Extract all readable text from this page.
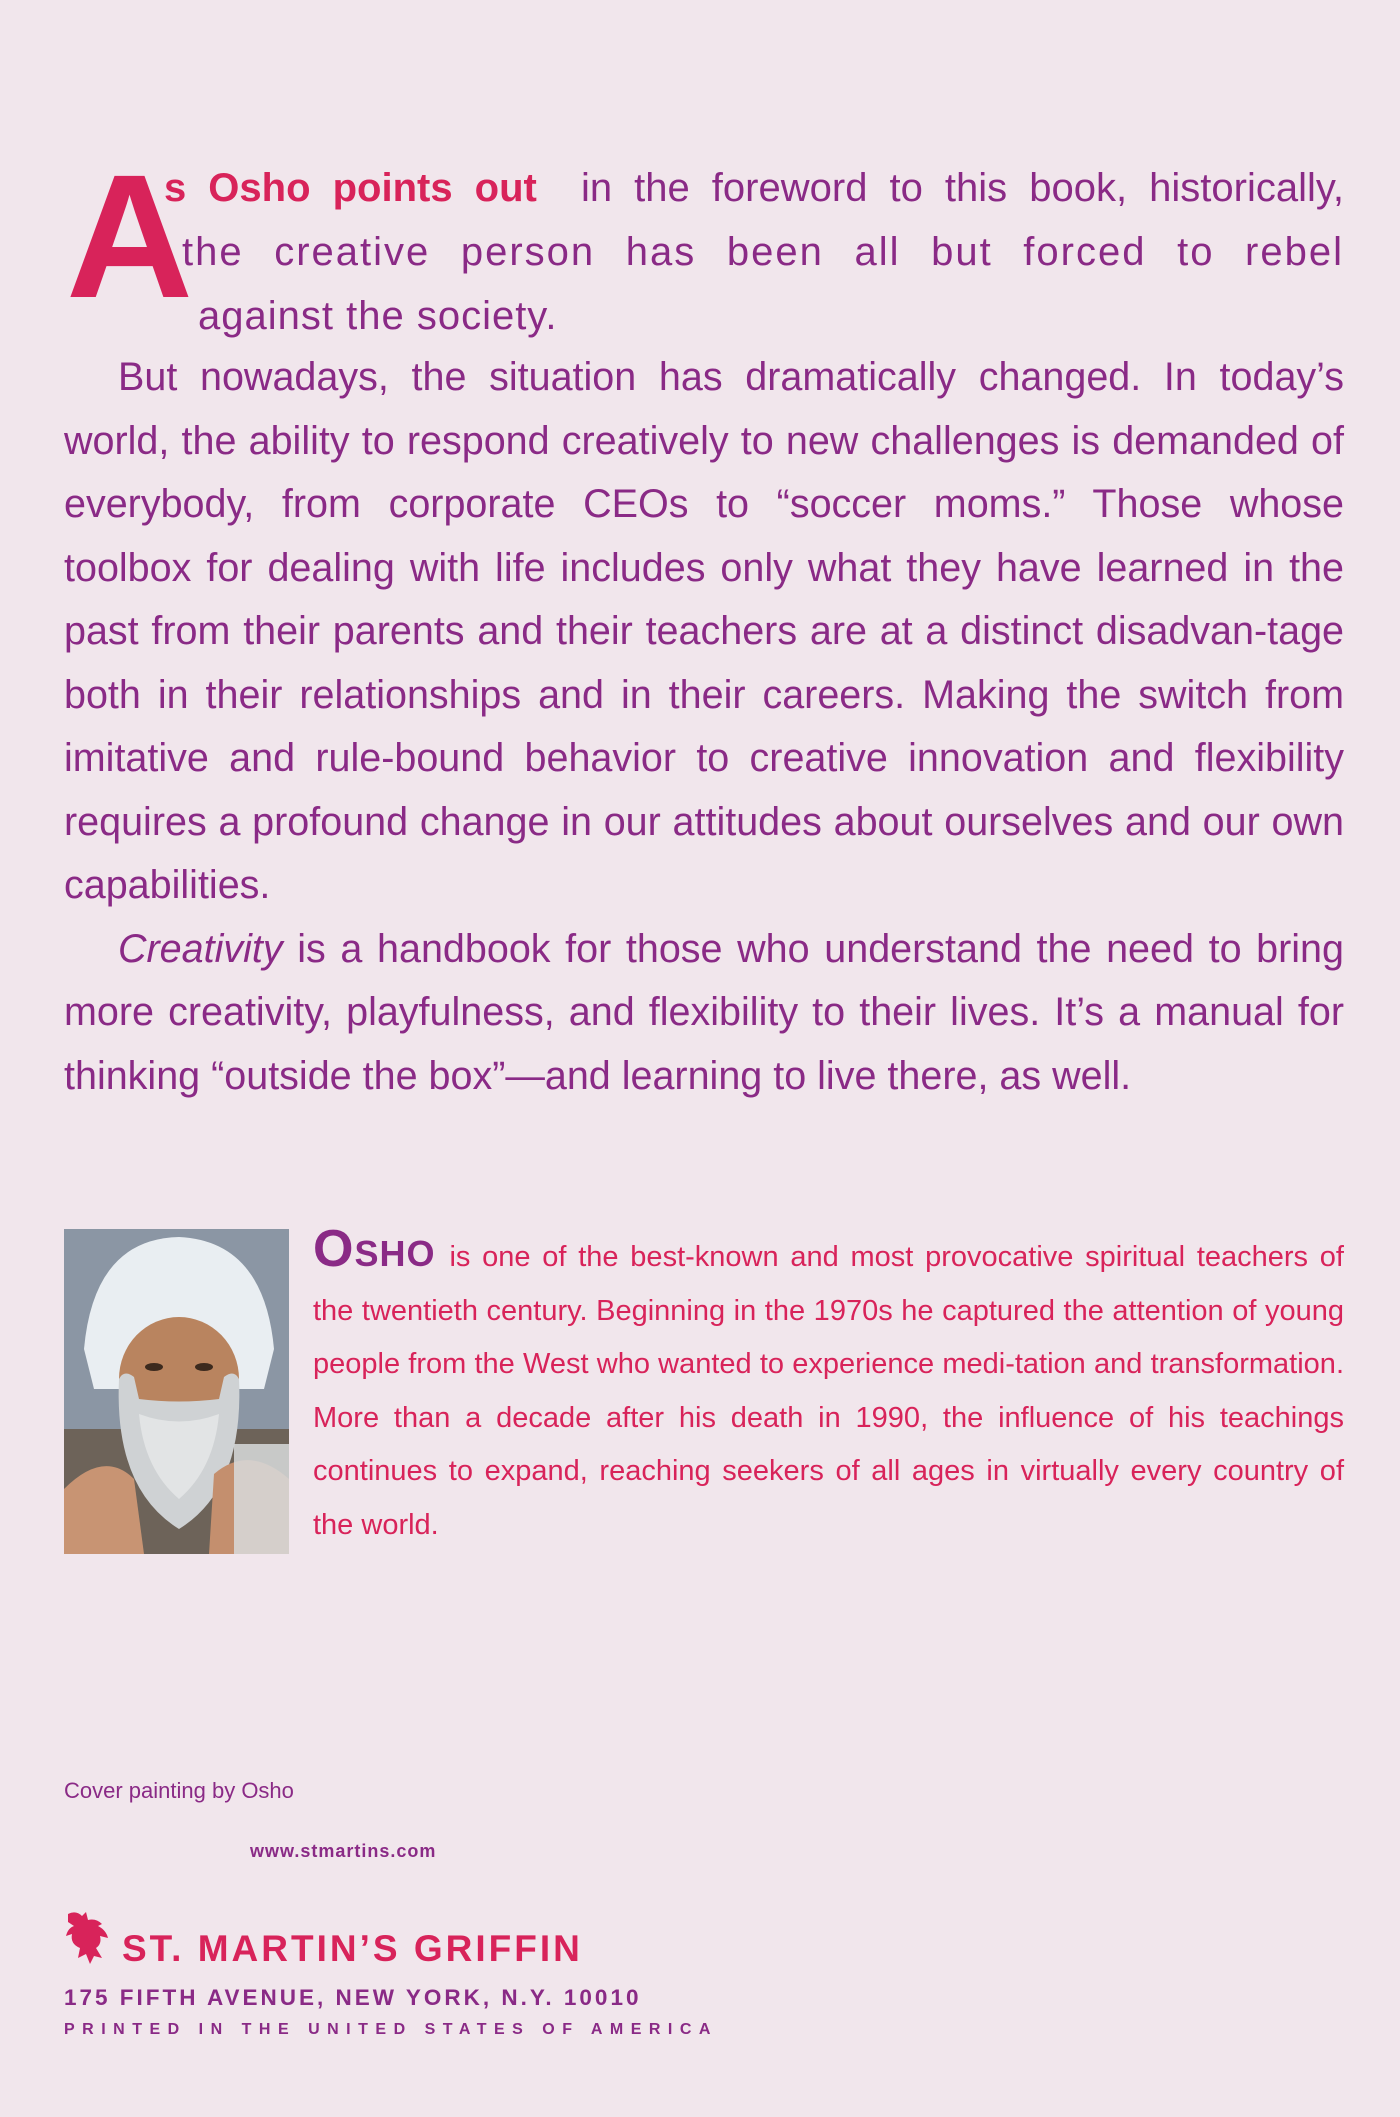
A
s Osho points out in the foreword to this book, historically,
the creative person has been all but forced to rebel
against the society.

But nowadays, the situation has dramatically changed. In today’s world, the ability to respond creatively to new challenges is demanded of everybody, from corporate CEOs to “soccer moms.” Those whose toolbox for dealing with life includes only what they have learned in the past from their parents and their teachers are at a distinct disadvan-tage both in their relationships and in their careers. Making the switch from imitative and rule-bound behavior to creative innovation and flexibility requires a profound change in our attitudes about ourselves and our own capabilities.

Creativity is a handbook for those who understand the need to bring more creativity, playfulness, and flexibility to their lives. It’s a manual for thinking “outside the box”—and learning to live there, as well.

Osho is one of the best-known and most provocative spiritual teachers of the twentieth century. Beginning in the 1970s he captured the attention of young people from the West who wanted to experience medi-tation and transformation. More than a decade after his death in 1990, the influence of his teachings continues to expand, reaching seekers of all ages in virtually every country of the world.
Cover painting by Osho
www.stmartins.com
ST. MARTIN’S GRIFFIN
175 FIFTH AVENUE, NEW YORK, N.Y. 10010
PRINTED IN THE UNITED STATES OF AMERICA
